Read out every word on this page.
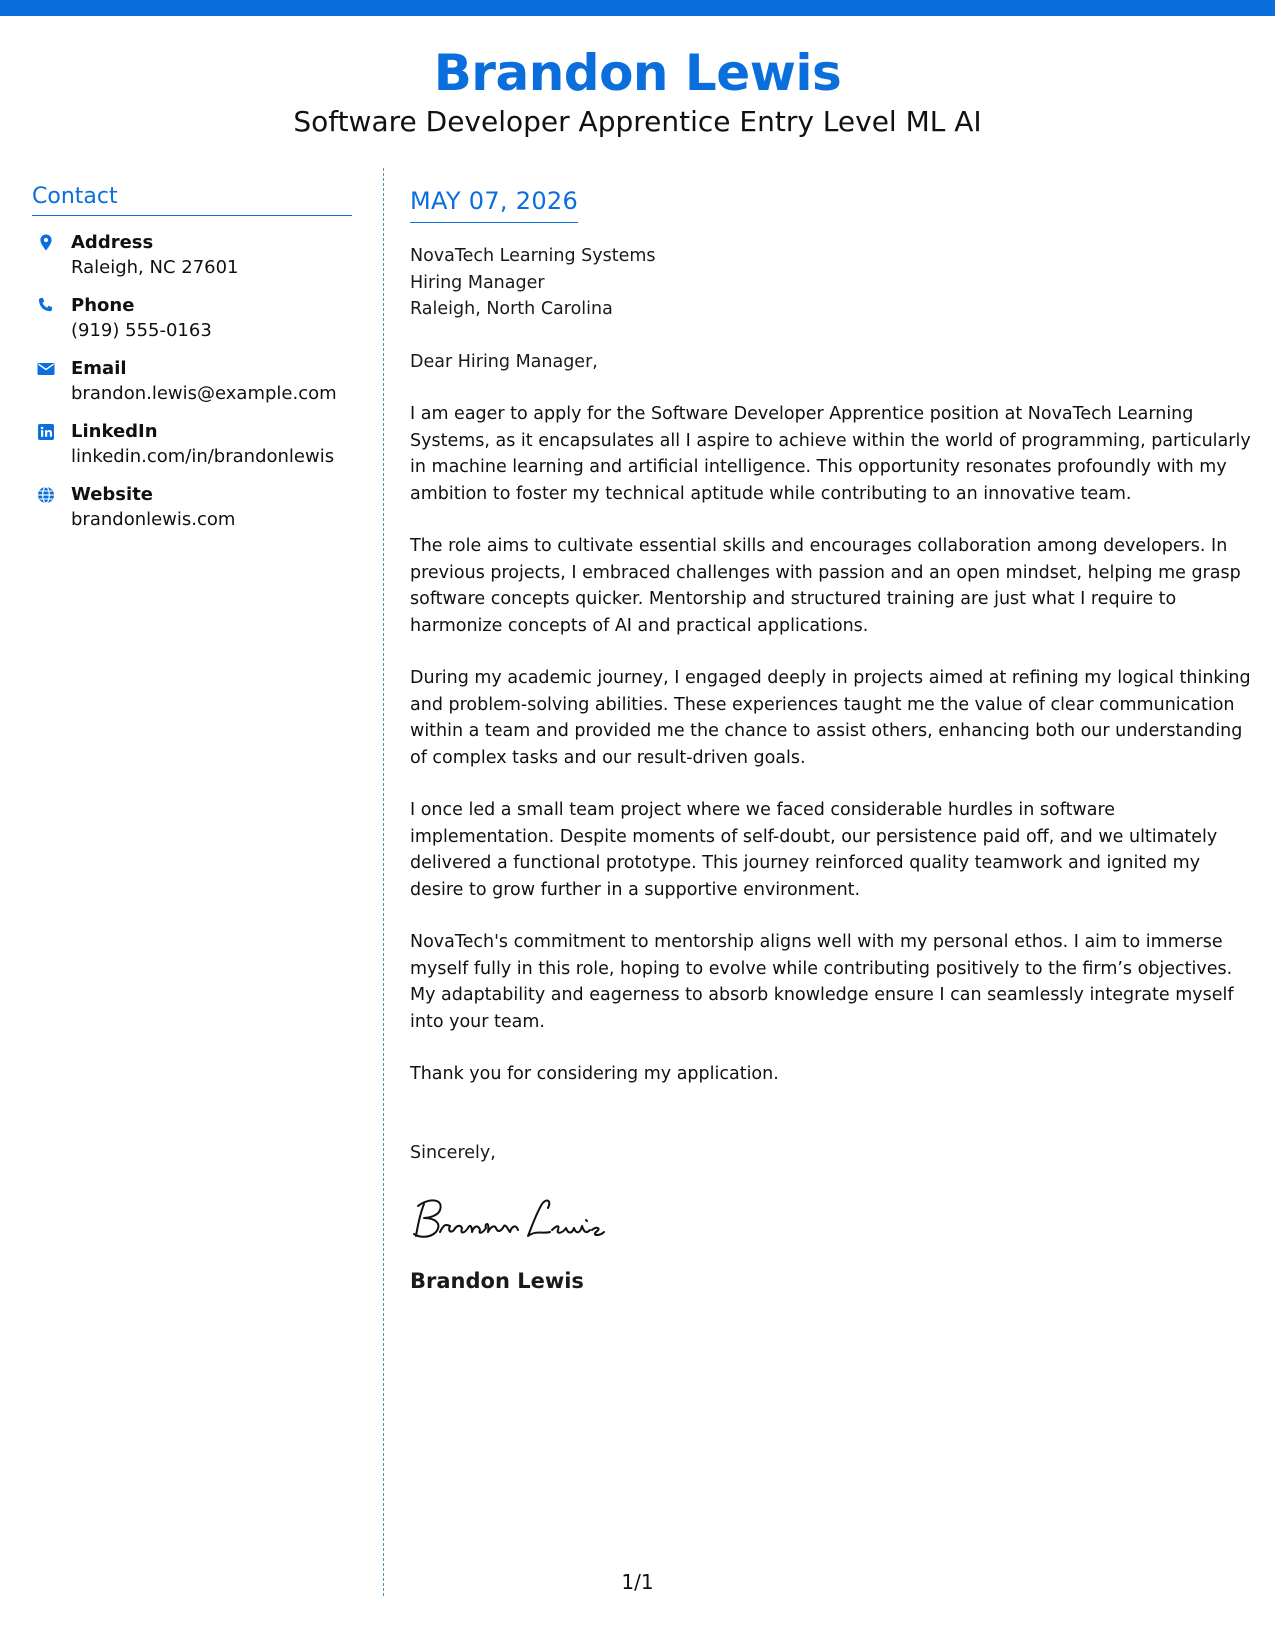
Brandon Lewis
Software Developer Apprentice Entry Level ML AI
Contact
Address
Raleigh, NC 27601
Phone
(919) 555-0163
Email
brandon.lewis@example.com
LinkedIn
linkedin.com/in/brandonlewis
Website
brandonlewis.com
MAY 07, 2026
NovaTech Learning Systems
Hiring Manager
Raleigh, North Carolina
Dear Hiring Manager,
I am eager to apply for the Software Developer Apprentice position at NovaTech Learning Systems, as it encapsulates all I aspire to achieve within the world of programming, particularly in machine learning and artificial intelligence. This opportunity resonates profoundly with my ambition to foster my technical aptitude while contributing to an innovative team.
The role aims to cultivate essential skills and encourages collaboration among developers. In previous projects, I embraced challenges with passion and an open mindset, helping me grasp software concepts quicker. Mentorship and structured training are just what I require to harmonize concepts of AI and practical applications.
During my academic journey, I engaged deeply in projects aimed at refining my logical thinking and problem-solving abilities. These experiences taught me the value of clear communication within a team and provided me the chance to assist others, enhancing both our understanding of complex tasks and our result-driven goals.
I once led a small team project where we faced considerable hurdles in software implementation. Despite moments of self-doubt, our persistence paid off, and we ultimately delivered a functional prototype. This journey reinforced quality teamwork and ignited my desire to grow further in a supportive environment.
NovaTech's commitment to mentorship aligns well with my personal ethos. I aim to immerse myself fully in this role, hoping to evolve while contributing positively to the firm’s objectives. My adaptability and eagerness to absorb knowledge ensure I can seamlessly integrate myself into your team.
Thank you for considering my application.
Sincerely,
Brandon Lewis
1/1
